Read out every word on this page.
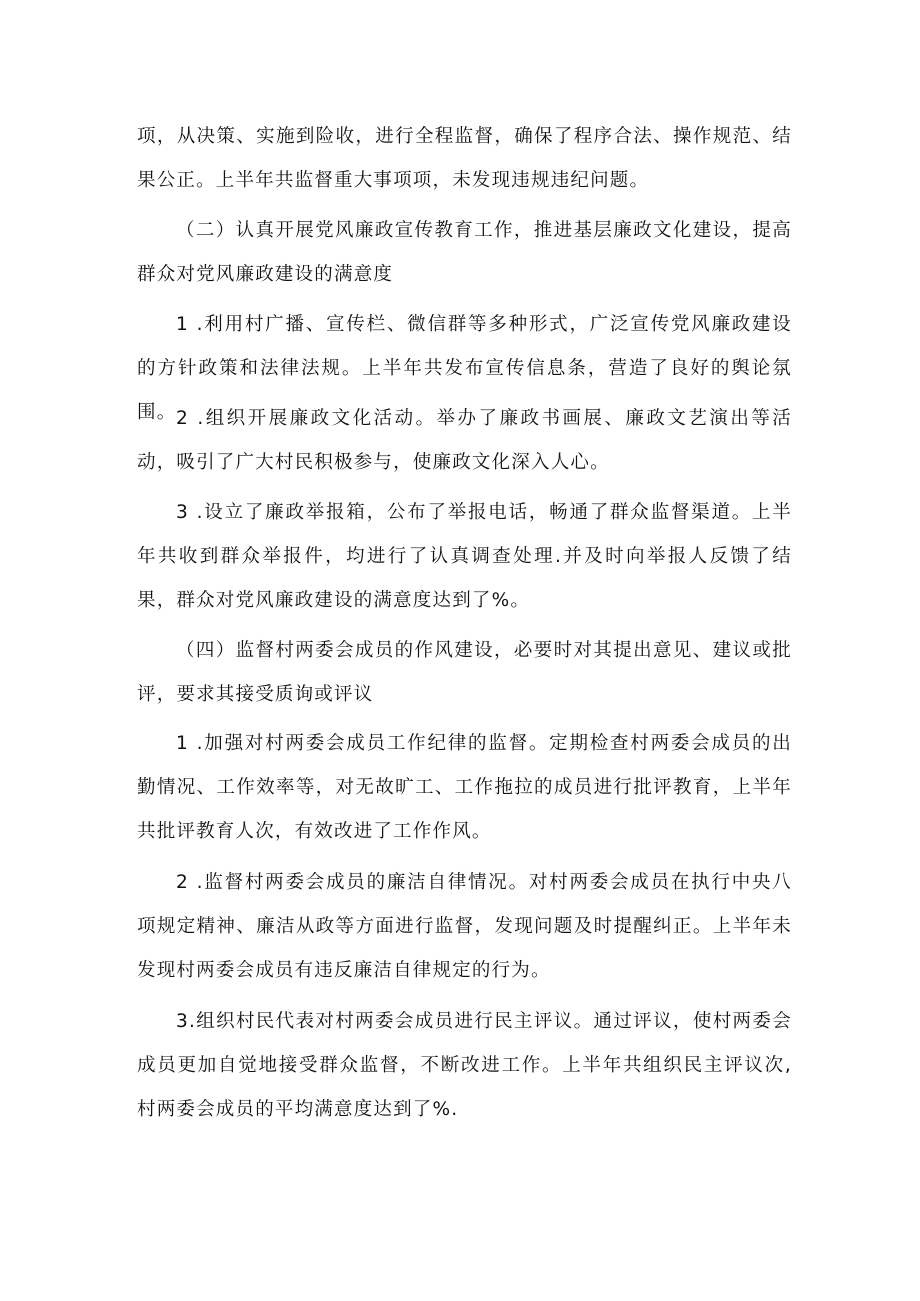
项，从决策、实施到险收，进行全程监督，确保了程序合法、操作规范、结果公正。上半年共监督重大事项项，未发现违规违纪问题。

（二）认真开展党风廉政宣传教育工作，推进基层廉政文化建设，提高群众对党风廉政建设的满意度

1 .利用村广播、宣传栏、微信群等多种形式，广泛宣传党风廉政建设的方针政策和法律法规。上半年共发布宣传信息条，营造了良好的舆论氛围。 2 .组织开展廉政文化活动。举办了廉政书画展、廉政文艺演出等活动，吸引了广大村民积极参与，使廉政文化深入人心。

3 .设立了廉政举报箱，公布了举报电话，畅通了群众监督渠道。上半年共收到群众举报件，均进行了认真调查处理.并及时向举报人反馈了结果，群众对党风廉政建设的满意度达到了%。

（四）监督村两委会成员的作风建设，必要时对其提出意见、建议或批评，要求其接受质询或评议

1 .加强对村两委会成员工作纪律的监督。定期检查村两委会成员的出勤情况、工作效率等，对无故旷工、工作拖拉的成员进行批评教育，上半年共批评教育人次，有效改进了工作作风。

2 .监督村两委会成员的廉洁自律情况。对村两委会成员在执行中央八项规定精神、廉洁从政等方面进行监督，发现问题及时提醒纠正。上半年未发现村两委会成员有违反廉洁自律规定的行为。

3.组织村民代表对村两委会成员进行民主评议。通过评议，使村两委会成员更加自觉地接受群众监督，不断改进工作。上半年共组织民主评议次,村两委会成员的平均满意度达到了%.
